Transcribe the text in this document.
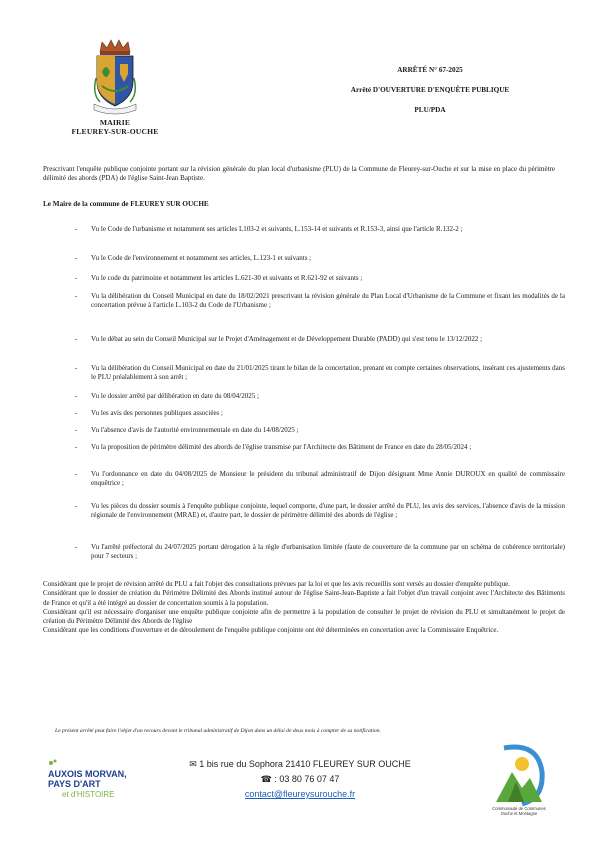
MAIRIE
FLEUREY-SUR-OUCHE
ARRÊTÉ N° 67-2025
Arrêté D'OUVERTURE D'ENQUÊTE PUBLIQUE
PLU/PDA
Prescrivant l'enquête publique conjointe portant sur la révision générale du plan local d'urbanisme (PLU) de la Commune de Fleurey-sur-Ouche et sur la mise en place du périmètre délimité des abords (PDA) de l'église Saint-Jean Baptiste.
Le Maire de la commune de FLEUREY SUR OUCHE
- Vu le Code de l'urbanisme et notamment ses articles L103-2 et suivants, L.153-14 et suivants et R.153-3, ainsi que l'article R.132-2 ;
- Vu le Code de l'environnement et notamment ses articles, L.123-1 et suivants ;
- Vu le code du patrimoine et notamment les articles L.621-30 et suivants et R.621-92 et suivants ;
- Vu la délibération du Conseil Municipal en date du 18/02/2021 prescrivant la révision générale du Plan Local d'Urbanisme de la Commune et fixant les modalités de la concertation prévue à l'article L.103-2 du Code de l'Urbanisme ;
- Vu le débat au sein du Conseil Municipal sur le Projet d'Aménagement et de Développement Durable (PADD) qui s'est tenu le 13/12/2022 ;
- Vu la délibération du Conseil Municipal en date du 21/01/2025 tirant le bilan de la concertation, prenant en compte certaines observations, insérant ces ajustements dans le PLU préalablement à son arrêt ;
- Vu le dossier arrêté par délibération en date du 08/04/2025 ;
- Vu les avis des personnes publiques associées ;
- Vu l'absence d'avis de l'autorité environnementale en date du 14/08/2025 ;
- Vu la proposition de périmètre délimité des abords de l'église transmise par l'Architecte des Bâtiment de France en date du 28/05/2024 ;
- Vu l'ordonnance en date du 04/08/2025 de Monsieur le président du tribunal administratif de Dijon désignant Mme Annie DUROUX en qualité de commissaire enquêtrice ;
- Vu les pièces du dossier soumis à l'enquête publique conjointe, lequel comporte, d'une part, le dossier arrêté du PLU, les avis des services, l'absence d'avis de la mission régionale de l'environnement (MRAE) et, d'autre part, le dossier de périmètre délimité des abords de l'église ;
- Vu l'arrêté préfectoral du 24/07/2025 portant dérogation à la règle d'urbanisation limitée (faute de couverture de la commune par un schéma de cohérence territoriale) pour 7 secteurs ;

Considérant que le projet de révision arrêté du PLU a fait l'objet des consultations prévues par la loi et que les avis recueillis sont versés au dossier d'enquête publique.

Considérant que le dossier de création du Périmètre Délimité des Abords institué autour de l'église Saint-Jean-Baptiste a fait l'objet d'un travail conjoint avec l'Architecte des Bâtiments de France et qu'il a été intégré au dossier de concertation soumis à la population.

Considérant qu'il est nécessaire d'organiser une enquête publique conjointe afin de permettre à la population de consulter le projet de révision du PLU et simultanément le projet de création du Périmètre Délimité des Abords de l'église

Considérant que les conditions d'ouverture et de déroulement de l'enquête publique conjointe ont été déterminées en concertation avec la Commissaire Enquêtrice.

Le présent arrêté peut faire l'objet d'un recours devant le tribunal administratif de Dijon dans un délai de deux mois à compter de sa notification.
AUXOIS MORVAN,
PAYS D'ART
et d'HISTOIRE
✉ 1 bis rue du Sophora 21410 FLEUREY SUR OUCHE
☎ : 03 80 76 07 47
contact@fleureysurouche.fr
Communauté de Communes
Ouche et Montagne
